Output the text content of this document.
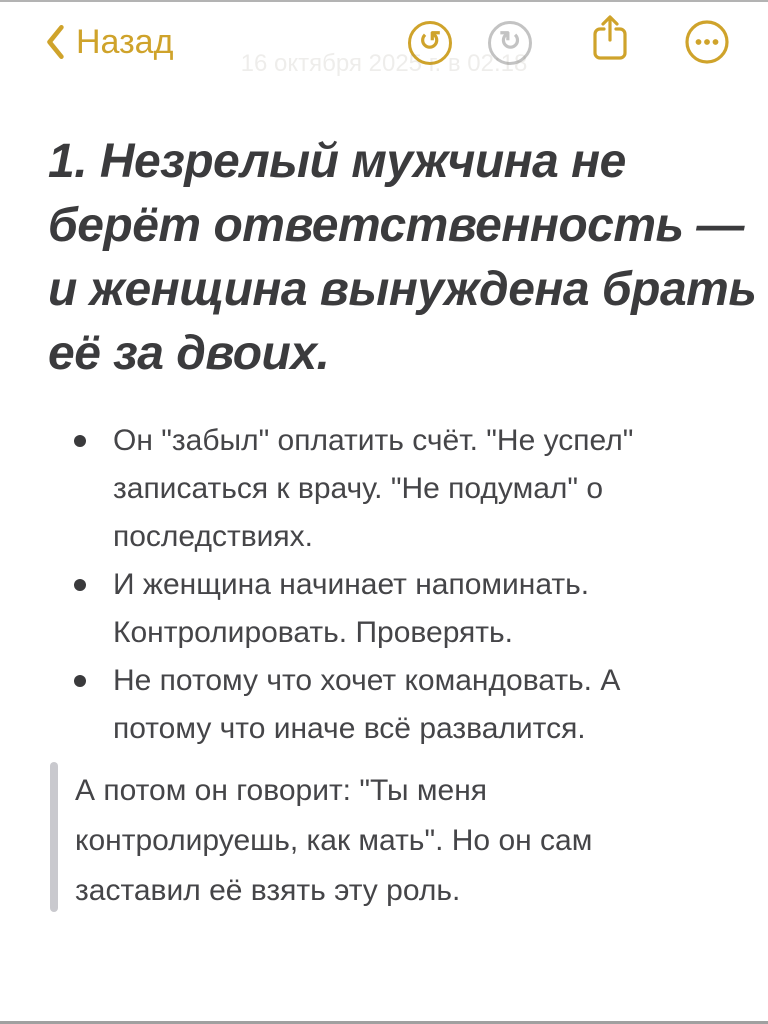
Назад	↺ ↻
16 октября 2025 г. в 02:18
1. Незрелый мужчина не берёт ответственность — и женщина вынуждена брать её за двоих.
Он "забыл" оплатить счёт. "Не успел" записаться к врачу. "Не подумал" о последствиях.
И женщина начинает напоминать. Контролировать. Проверять.
Не потому что хочет командовать. А потому что иначе всё развалится.
А потом он говорит: "Ты меня контролируешь, как мать". Но он сам заставил её взять эту роль.
